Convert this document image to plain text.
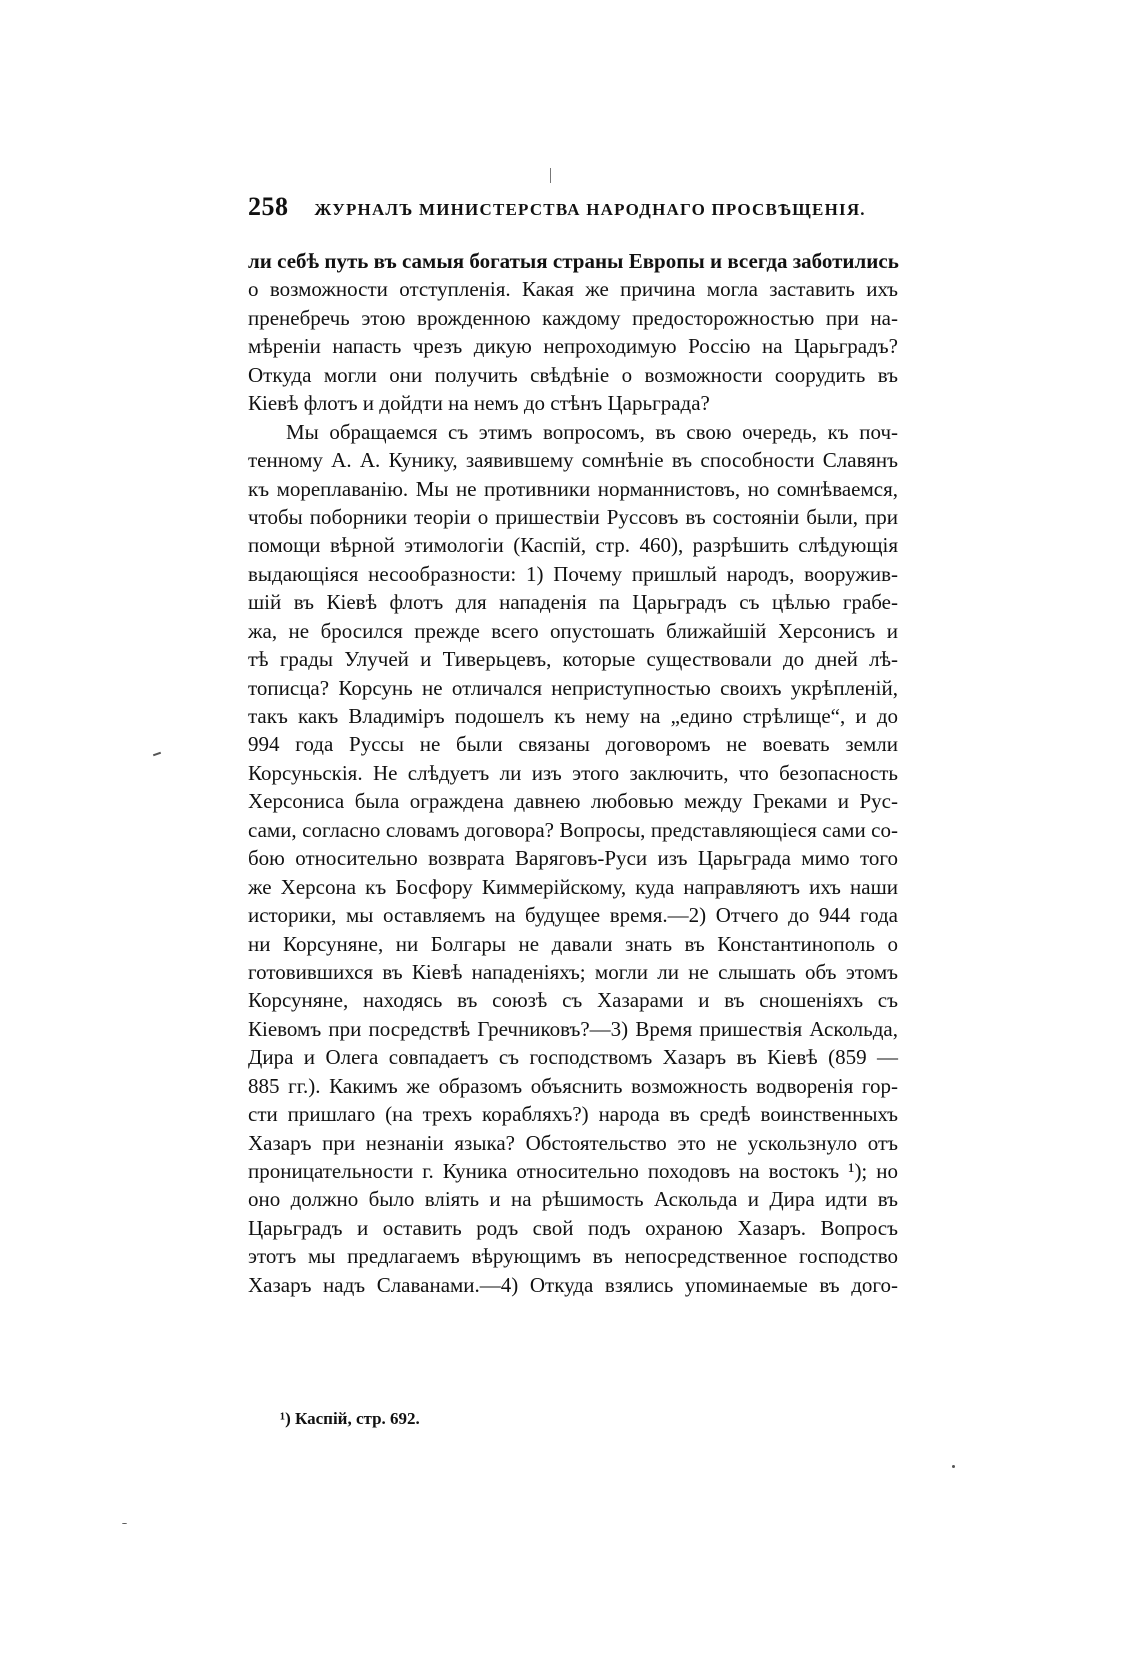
258 ЖУРНАЛЪ МИНИСТЕРСТВА НАРОДНАГО ПРОСВѢЩЕНІЯ.
ли себѣ путь въ самыя богатыя страны Европы и всегда заботились
о возможности отступленія. Какая же причина могла заставить ихъ
пренебречь этою врожденною каждому предосторожностью при на-
мѣреніи напасть чрезъ дикую непроходимую Россію на Царьградъ?
Откуда могли они получить свѣдѣніе о возможности соорудить въ
Кіевѣ флотъ и дойдти на немъ до стѣнъ Царьграда?
Мы обращаемся съ этимъ вопросомъ, въ свою очередь, къ поч-
тенному А. А. Кунику, заявившему сомнѣніе въ способности Славянъ
къ мореплаванію. Мы не противники норманнистовъ, но сомнѣваемся,
чтобы поборники теоріи о пришествіи Руссовъ въ состояніи были, при
помощи вѣрной этимологіи (Каспій, стр. 460), разрѣшить слѣдующія
выдающіяся несообразности: 1) Почему пришлый народъ, вооружив-
шій въ Кіевѣ флотъ для нападенія па Царьградъ съ цѣлью грабе-
жа, не бросился прежде всего опустошать ближайшій Херсонисъ и
тѣ грады Улучей и Тиверьцевъ, которые существовали до дней лѣ-
тописца? Корсунь не отличался неприступностью своихъ укрѣпленій,
такъ какъ Владиміръ подошелъ къ нему на „едино стрѣлище“, и до
994 года Руссы не были связаны договоромъ не воевать земли
Корсуньскія. Не слѣдуетъ ли изъ этого заключить, что безопасность
Херсониса была ограждена давнею любовью между Греками и Рус-
сами, согласно словамъ договора? Вопросы, представляющіеся сами со-
бою относительно возврата Варяговъ-Руси изъ Царьграда мимо того
же Херсона къ Босфору Киммерійскому, куда направляютъ ихъ наши
историки, мы оставляемъ на будущее время.—2) Отчего до 944 года
ни Корсуняне, ни Болгары не давали знать въ Константинополь о
готовившихся въ Кіевѣ нападеніяхъ; могли ли не слышать объ этомъ
Корсуняне, находясь въ союзѣ съ Хазарами и въ сношеніяхъ съ
Кіевомъ при посредствѣ Гречниковъ?—3) Время пришествія Аскольда,
Дира и Олега совпадаетъ съ господствомъ Хазаръ въ Кіевѣ (859 —
885 гг.). Какимъ же образомъ объяснить возможность водворенія гор-
сти пришлаго (на трехъ корабляхъ?) народа въ средѣ воинственныхъ
Хазаръ при незнаніи языка? Обстоятельство это не ускользнуло отъ
проницательности г. Куника относительно походовъ на востокъ ¹); но
оно должно было вліять и на рѣшимость Аскольда и Дира идти въ
Царьградъ и оставить родъ свой подъ охраною Хазаръ. Вопросъ
этотъ мы предлагаемъ вѣрующимъ въ непосредственное господство
Хазаръ надъ Славанами.—4) Откуда взялись упоминаемые въ дого-
¹) Каспій, стр. 692.
